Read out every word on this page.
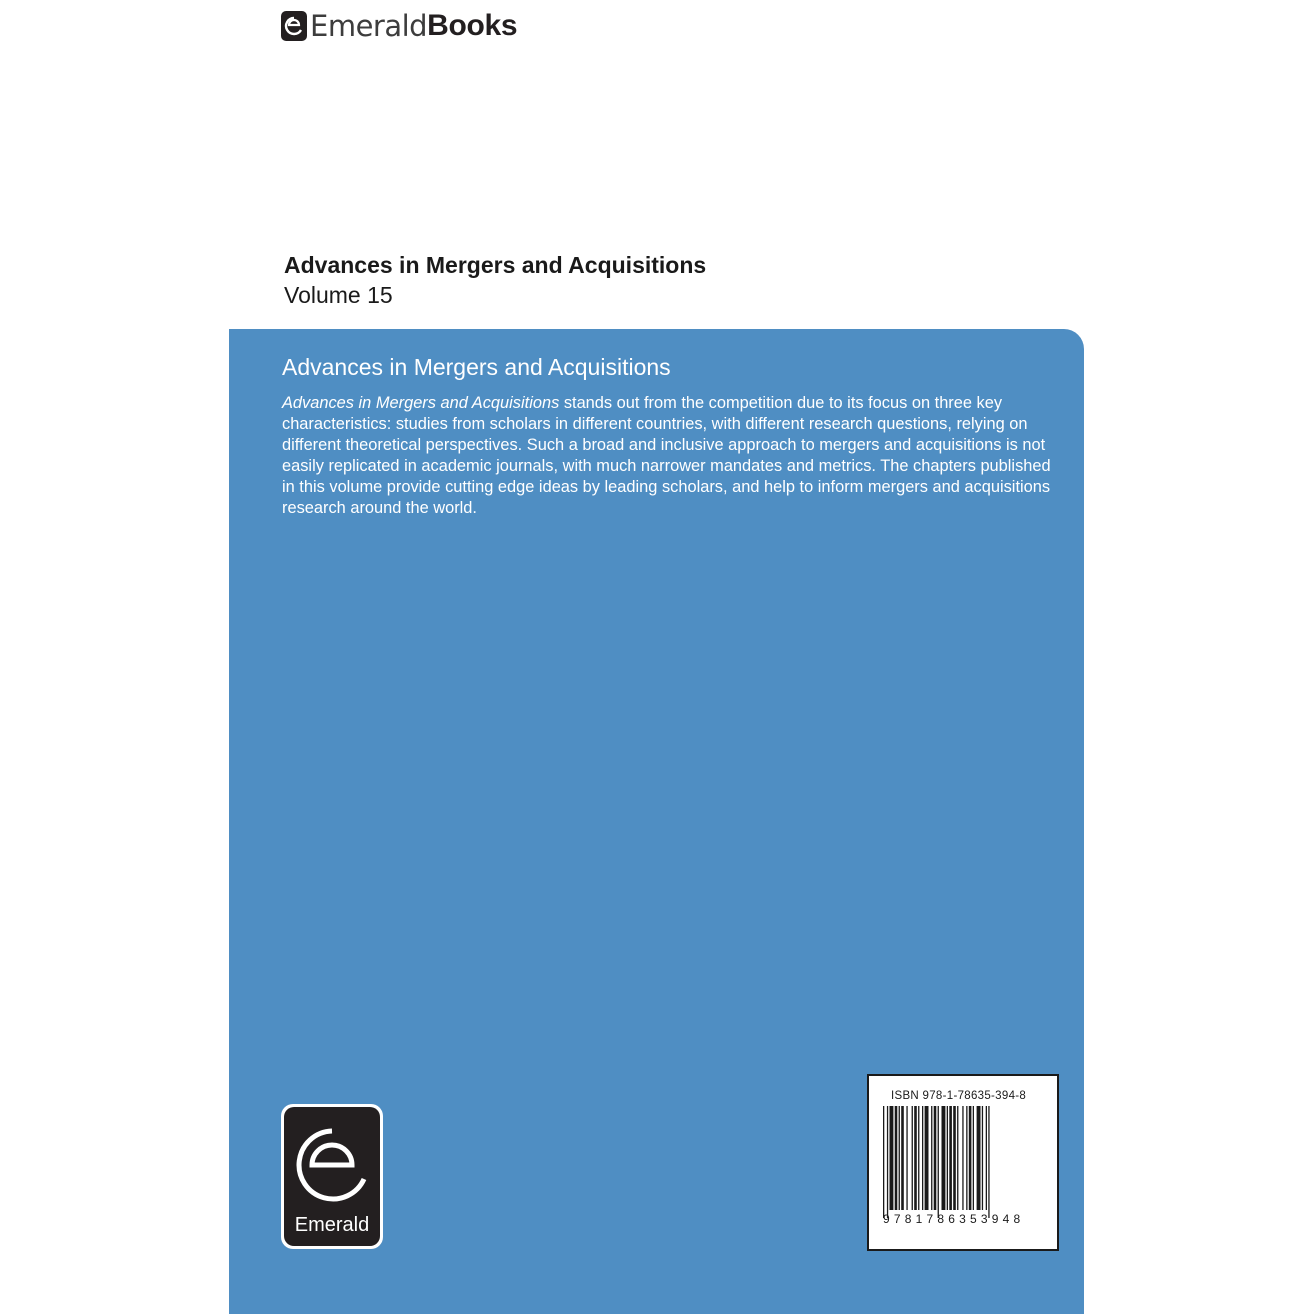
Emerald Books
Advances in Mergers and Acquisitions
Volume 15
Advances in Mergers and Acquisitions
Advances in Mergers and Acquisitions stands out from the competition due to its focus on three key characteristics: studies from scholars in different countries, with different research questions, relying on different theoretical perspectives. Such a broad and inclusive approach to mergers and acquisitions is not easily replicated in academic journals, with much narrower mandates and metrics. The chapters published in this volume provide cutting edge ideas by leading scholars, and help to inform mergers and acquisitions research around the world.
Emerald
ISBN 978-1-78635-394-8
9781786353948
